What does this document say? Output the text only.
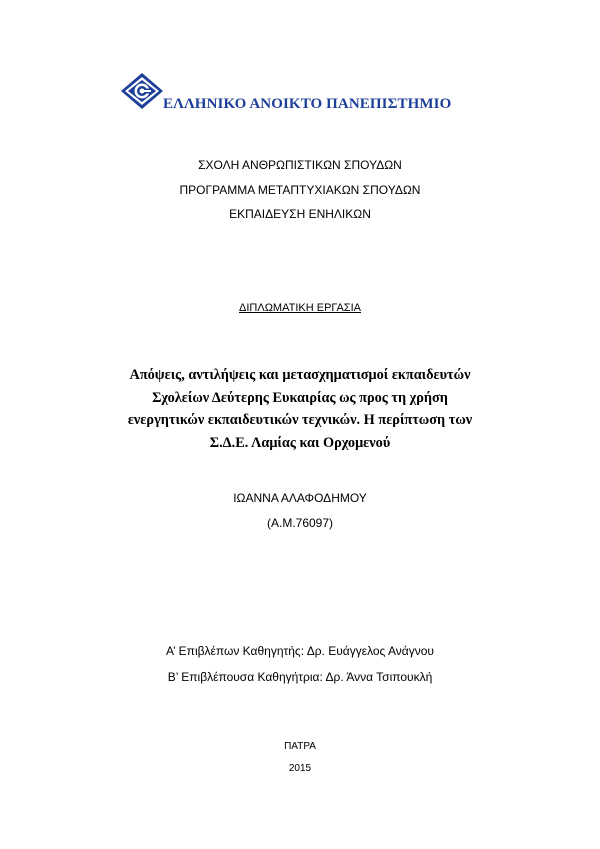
ΕΛΛΗΝΙΚΟ ΑΝΟΙΚΤΟ ΠΑΝΕΠΙΣΤΗΜΙΟ
ΣΧΟΛΗ ΑΝΘΡΩΠΙΣΤΙΚΩΝ ΣΠΟΥΔΩΝ
ΠΡΟΓΡΑΜΜΑ ΜΕΤΑΠΤΥΧΙΑΚΩΝ ΣΠΟΥΔΩΝ
ΕΚΠΑΙΔΕΥΣΗ ΕΝΗΛΙΚΩΝ
ΔΙΠΛΩΜΑΤΙΚΗ ΕΡΓΑΣΙΑ
Απόψεις, αντιλήψεις και μετασχηματισμοί εκπαιδευτών
Σχολείων Δεύτερης Ευκαιρίας ως προς τη χρήση
ενεργητικών εκπαιδευτικών τεχνικών. Η περίπτωση των
Σ.Δ.Ε. Λαμίας και Ορχομενού
ΙΩΑΝΝΑ ΑΛΑΦΟΔΗΜΟΥ
(Α.Μ.76097)
Α’ Επιβλέπων Καθηγητής: Δρ. Ευάγγελος Ανάγνου
Β’ Επιβλέπουσα Καθηγήτρια: Δρ. Άννα Τσιπουκλή
ΠΑΤΡΑ
2015
